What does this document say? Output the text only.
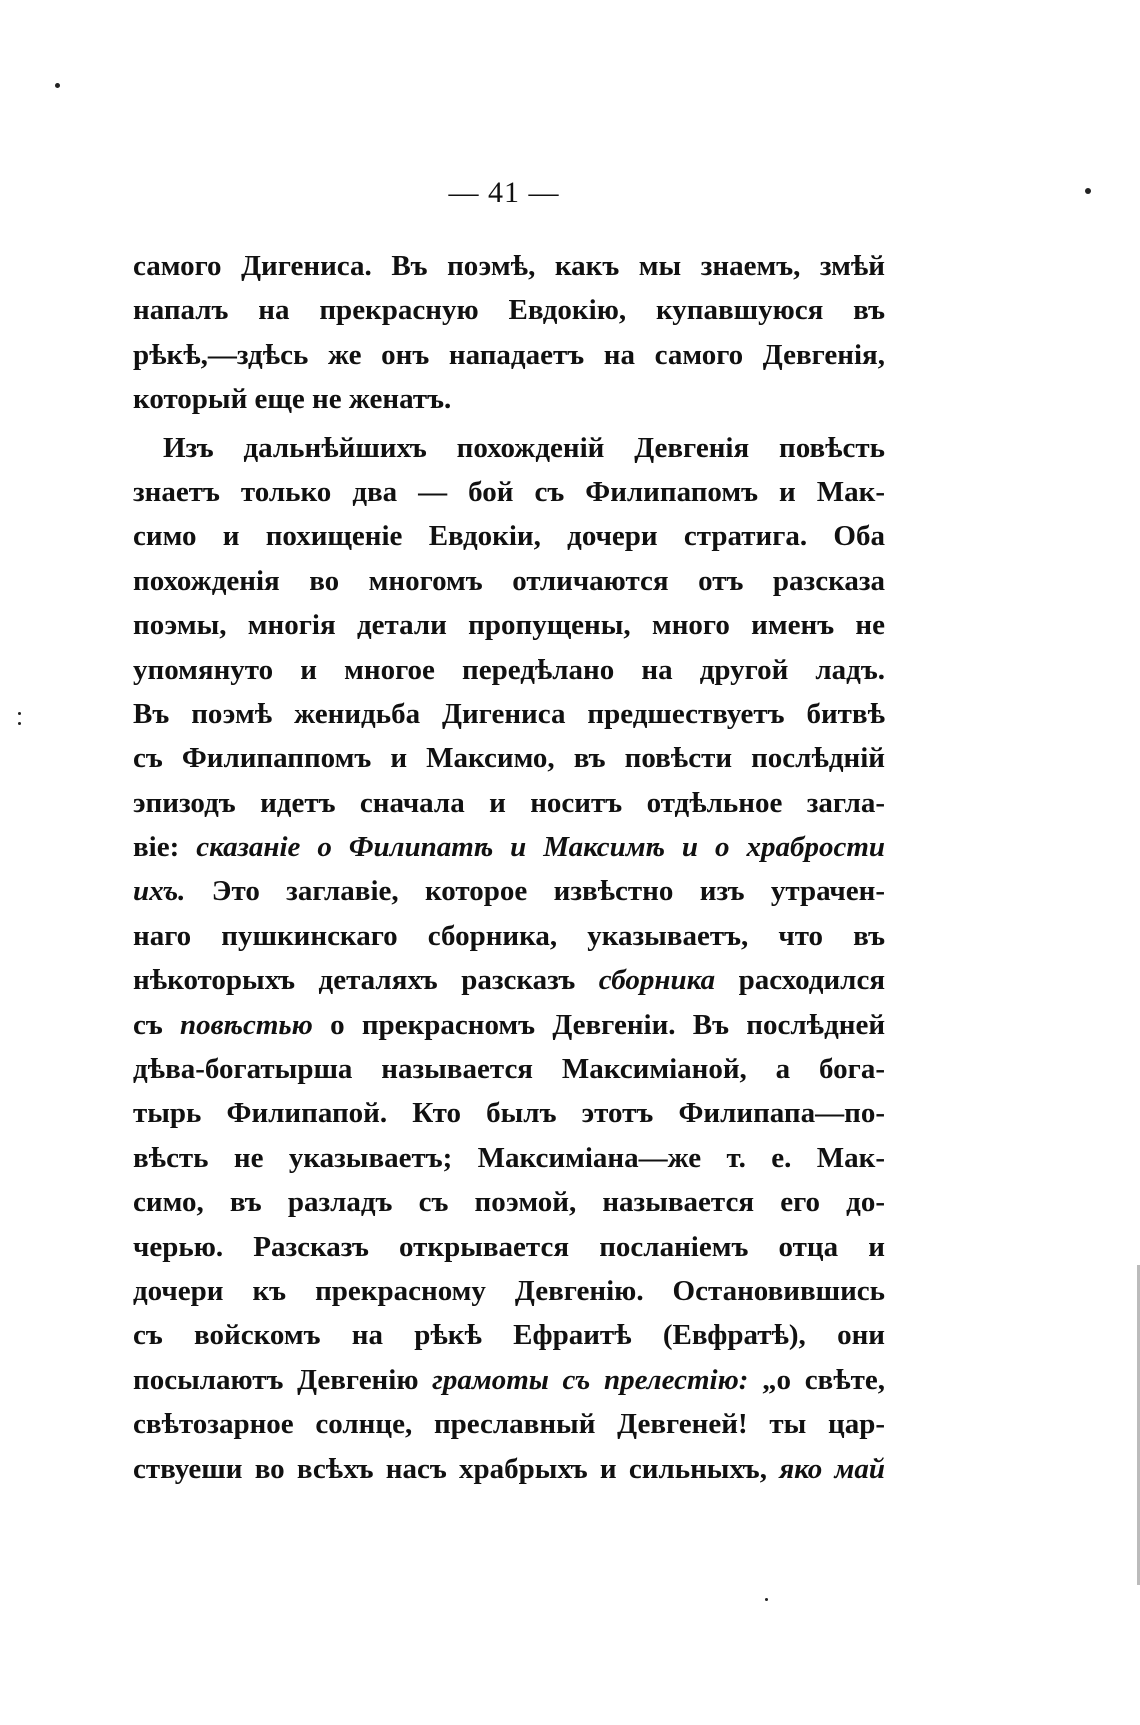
— 41 —
самого Дигениса. Въ поэмѣ, какъ мы знаемъ, змѣй
напалъ на прекрасную Евдокію, купавшуюся въ
рѣкѣ,—здѣсь же онъ нападаетъ на самого Девгенія,
который еще не женатъ.
Изъ дальнѣйшихъ похожденій Девгенія повѣсть
знаетъ только два — бой съ Филипапомъ и Мак-
симо и похищеніе Евдокіи, дочери стратига. Оба
похожденія во многомъ отличаются отъ разсказа
поэмы, многія детали пропущены, много именъ не
упомянуто и многое передѣлано на другой ладъ.
Въ поэмѣ женидьба Дигениса предшествуетъ битвѣ
съ Филипаппомъ и Максимо, въ повѣсти послѣдній
эпизодъ идетъ сначала и носитъ отдѣльное загла-
віе: сказаніе о Филипатѣ и Максимѣ и о храбрости
ихъ. Это заглавіе, которое извѣстно изъ утрачен-
наго пушкинскаго сборника, указываетъ, что въ
нѣкоторыхъ деталяхъ разсказъ сборника расходился
съ повѣстью о прекрасномъ Девгеніи. Въ послѣдней
дѣва-богатырша называется Максиміаной, а бога-
тырь Филипапой. Кто былъ этотъ Филипапа—по-
вѣсть не указываетъ; Максиміана—же т. е. Мак-
симо, въ разладъ съ поэмой, называется его до-
черью. Разсказъ открывается посланіемъ отца и
дочери къ прекрасному Девгенію. Остановившись
съ войскомъ на рѣкѣ Ефраитѣ (Евфратѣ), они
посылаютъ Девгенію грамоты съ прелестію: „о свѣте,
свѣтозарное солнце, преславный Девгеней! ты цар-
ствуеши во всѣхъ насъ храбрыхъ и сильныхъ, яко май
